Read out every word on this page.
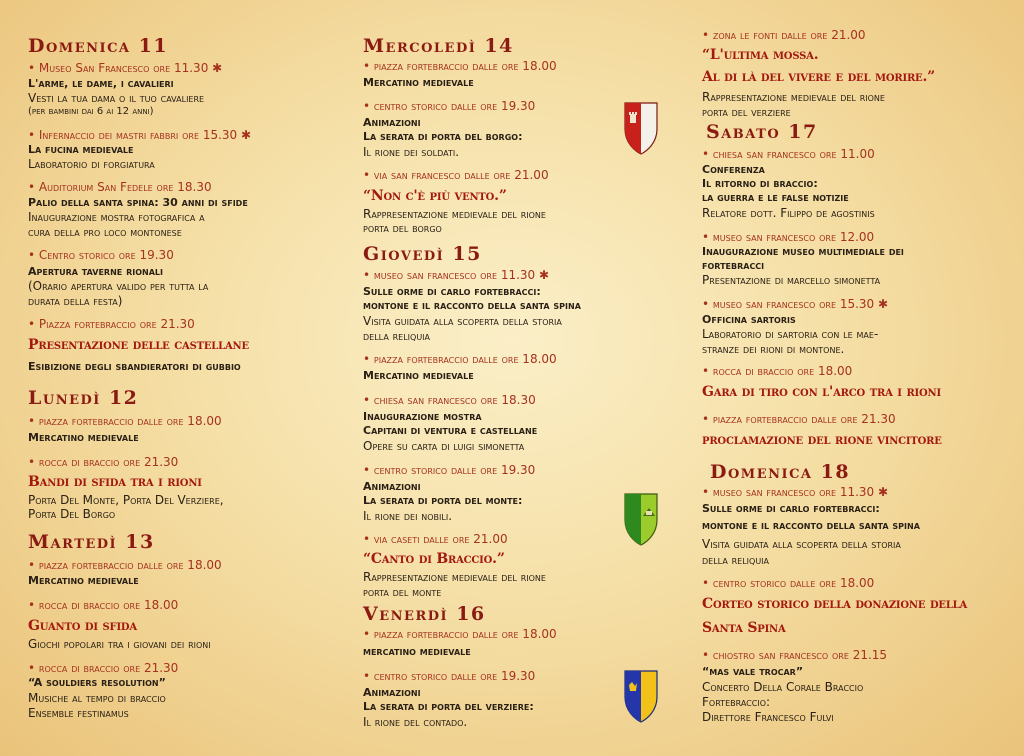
Domenica 11
• Museo San Francesco ore 11.30 ✱
L'arme, le dame, i cavalieri
Vesti la tua dama o il tuo cavaliere
(per bambini dai 6 ai 12 anni)
• Infernaccio dei mastri fabbri ore 15.30 ✱
La fucina medievale
Laboratorio di forgiatura
• Auditorium San Fedele ore 18.30
Palio della santa spina: 30 anni di sfide
Inaugurazione mostra fotografica a
cura della pro loco montonese
• Centro storico ore 19.30
Apertura taverne rionali
(Orario apertura valido per tutta la
durata della festa)
• Piazza fortebraccio ore 21.30
Presentazione delle castellane
Esibizione degli sbandieratori di gubbio
Lunedì 12
• piazza fortebraccio dalle ore 18.00
Mercatino medievale
• rocca di braccio ore 21.30
Bandi di sfida tra i rioni
Porta Del Monte, Porta Del Verziere,
Porta Del Borgo
Martedì 13
• piazza fortebraccio dalle ore 18.00
Mercatino medievale
• rocca di braccio ore 18.00
Guanto di sfida
Giochi popolari tra i giovani dei rioni
• rocca di braccio ore 21.30
“A souldiers resolution”
Musiche al tempo di braccio
Ensemble festinamus
Mercoledì 14
• piazza fortebraccio dalle ore 18.00
Mercatino medievale
• centro storico dalle ore 19.30
Animazioni
La serata di porta del borgo:
Il rione dei soldati.
• via san francesco dalle ore 21.00
“Non c'è più vento.”
Rappresentazione medievale del rione
porta del borgo
Giovedì 15
• museo san francesco ore 11.30 ✱
Sulle orme di carlo fortebracci:
montone e il racconto della santa spina
Visita guidata alla scoperta della storia
della reliquia
• piazza fortebraccio dalle ore 18.00
Mercatino medievale
• chiesa san francesco ore 18.30
Inaugurazione mostra
Capitani di ventura e castellane
Opere su carta di luigi simonetta
• centro storico dalle ore 19.30
Animazioni
La serata di porta del monte:
Il rione dei nobili.
• via caseti dalle ore 21.00
“Canto di Braccio.”
Rappresentazione medievale del rione
porta del monte
Venerdì 16
• piazza fortebraccio dalle ore 18.00
mercatino medievale
• centro storico dalle ore 19.30
Animazioni
La serata di porta del verziere:
Il rione del contado.
• zona le fonti dalle ore 21.00
“L'ultima mossa.
Al di là del vivere e del morire.”
Rappresentazione medievale del rione
porta del verziere
Sabato 17
• chiesa san francesco ore 11.00
Conferenza
Il ritorno di braccio:
la guerra e le false notizie
Relatore dott. Filippo de agostinis
• museo san francesco ore 12.00
Inaugurazione museo multimediale dei
fortebracci
Presentazione di marcello simonetta
• museo san francesco ore 15.30 ✱
Officina sartoris
Laboratorio di sartoria con le mae-
stranze dei rioni di montone.
• rocca di braccio ore 18.00
Gara di tiro con l'arco tra i rioni
• piazza fortebraccio dalle ore 21.30
proclamazione del rione vincitore
Domenica 18
• museo san francesco ore 11.30 ✱
Sulle orme di carlo fortebracci:
montone e il racconto della santa spina
Visita guidata alla scoperta della storia
della reliquia
• centro storico dalle ore 18.00
Corteo storico della donazione della
Santa Spina
• chiostro san francesco ore 21.15
“mas vale trocar”
Concerto Della Corale Braccio
Fortebraccio:
Direttore Francesco Fulvi
